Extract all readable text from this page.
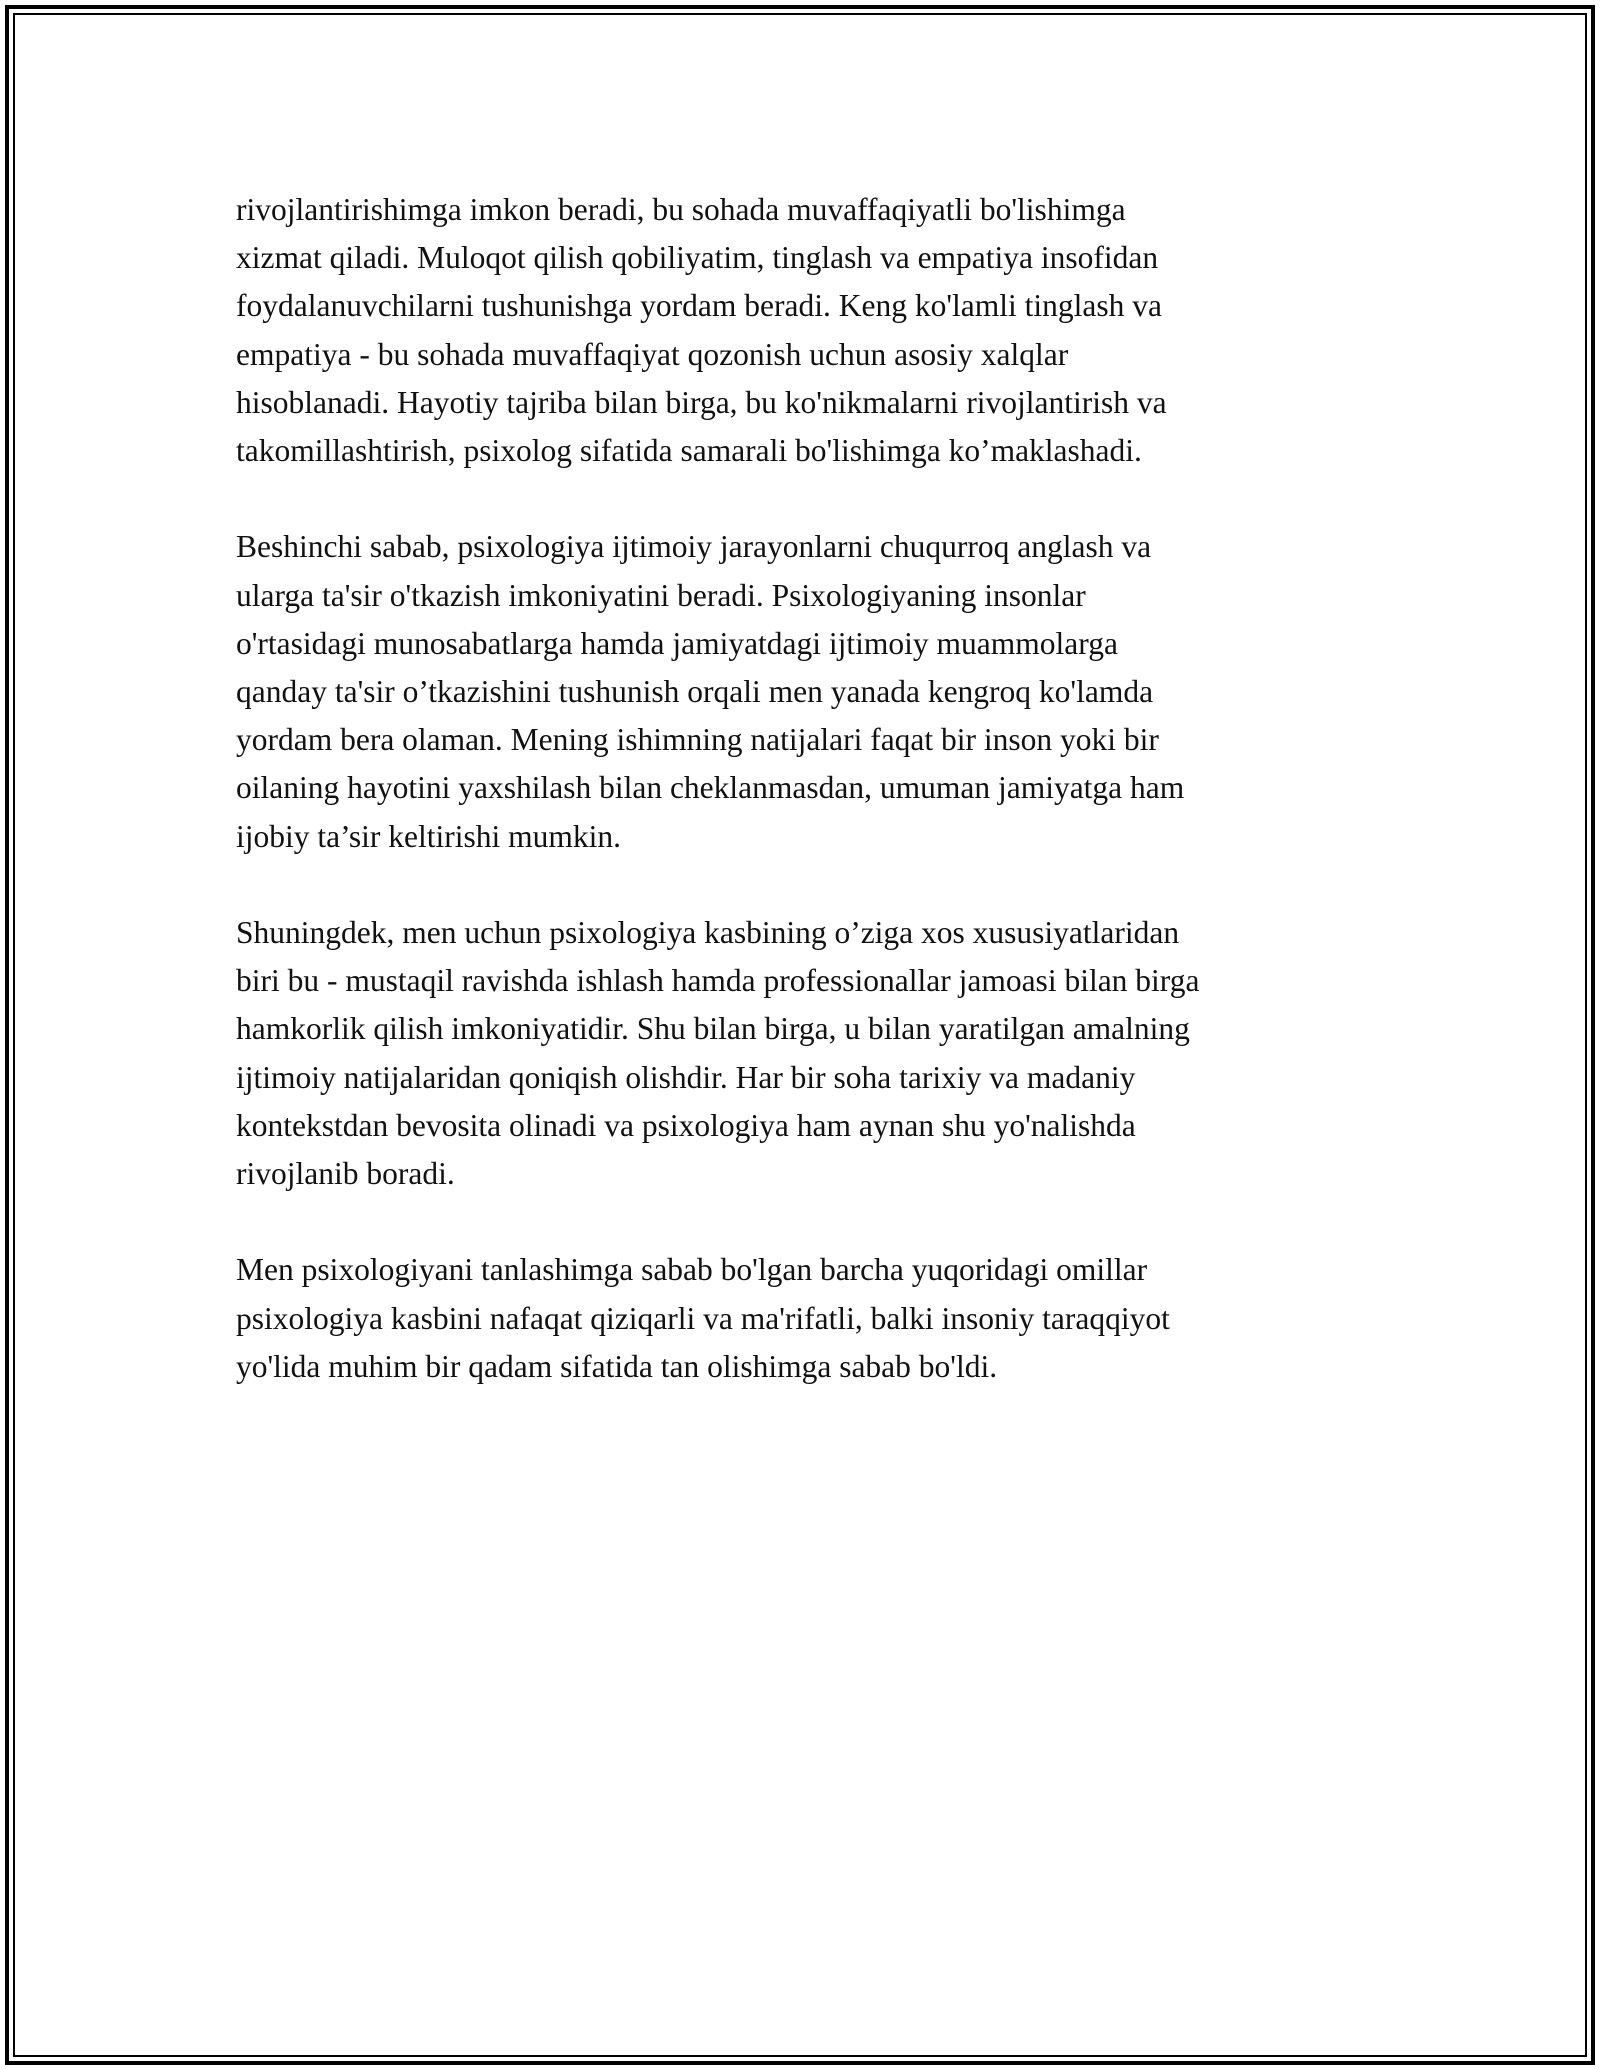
rivojlantirishimga imkon beradi, bu sohada muvaffaqiyatli bo'lishimga
xizmat qiladi. Muloqot qilish qobiliyatim, tinglash va empatiya insofidan
foydalanuvchilarni tushunishga yordam beradi. Keng ko'lamli tinglash va
empatiya - bu sohada muvaffaqiyat qozonish uchun asosiy xalqlar
hisoblanadi. Hayotiy tajriba bilan birga, bu ko'nikmalarni rivojlantirish va
takomillashtirish, psixolog sifatida samarali bo'lishimga ko’maklashadi.

Beshinchi sabab, psixologiya ijtimoiy jarayonlarni chuqurroq anglash va
ularga ta'sir o'tkazish imkoniyatini beradi. Psixologiyaning insonlar
o'rtasidagi munosabatlarga hamda jamiyatdagi ijtimoiy muammolarga
qanday ta'sir o’tkazishini tushunish orqali men yanada kengroq ko'lamda
yordam bera olaman. Mening ishimning natijalari faqat bir inson yoki bir
oilaning hayotini yaxshilash bilan cheklanmasdan, umuman jamiyatga ham
ijobiy ta’sir keltirishi mumkin.

Shuningdek, men uchun psixologiya kasbining o’ziga xos xususiyatlaridan
biri bu - mustaqil ravishda ishlash hamda professionallar jamoasi bilan birga
hamkorlik qilish imkoniyatidir. Shu bilan birga, u bilan yaratilgan amalning
ijtimoiy natijalaridan qoniqish olishdir. Har bir soha tarixiy va madaniy
kontekstdan bevosita olinadi va psixologiya ham aynan shu yo'nalishda
rivojlanib boradi.

Men psixologiyani tanlashimga sabab bo'lgan barcha yuqoridagi omillar
psixologiya kasbini nafaqat qiziqarli va ma'rifatli, balki insoniy taraqqiyot
yo'lida muhim bir qadam sifatida tan olishimga sabab bo'ldi.
